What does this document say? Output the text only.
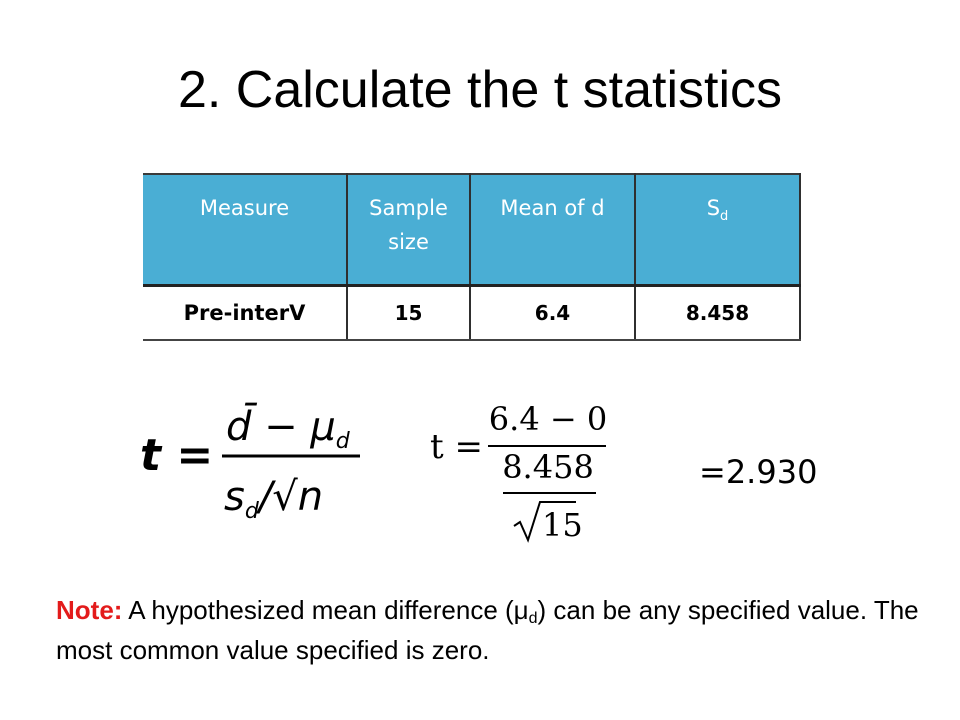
2. Calculate the t statistics
Measure	Sample size	Mean of d	$S_d$
Pre-interV	15	6.4	8.458
t =
d̄ − $\mu_d$
$s_d/√n$
t =
6.4 − 0
8.458
15
=2.930
Note: A hypothesized mean difference $(\mu_d)$ can be any specified value. The most common value specified is zero.
